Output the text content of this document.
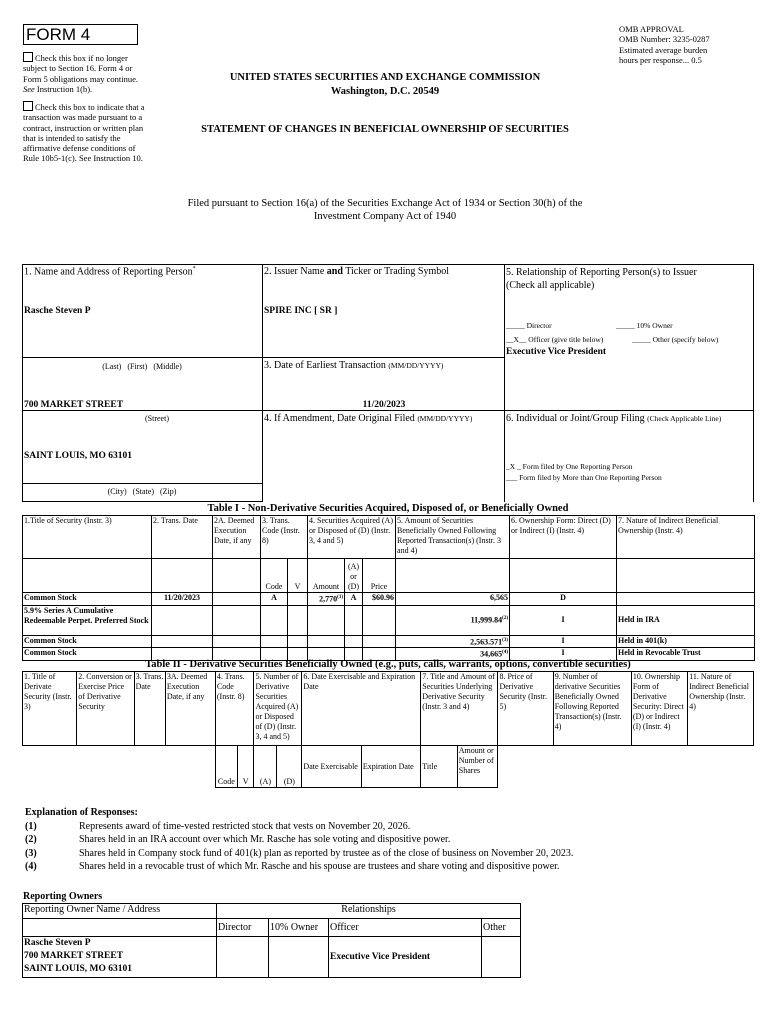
FORM 4
Check this box if no longer subject to Section 16. Form 4 or Form 5 obligations may continue. See Instruction 1(b).
Check this box to indicate that a transaction was made pursuant to a contract, instruction or written plan that is intended to satisfy the affirmative defense conditions of Rule 10b5-1(c). See Instruction 10.
UNITED STATES SECURITIES AND EXCHANGE COMMISSION
Washington, D.C. 20549
OMB APPROVAL
OMB Number: 3235-0287
Estimated average burden
hours per response... 0.5
STATEMENT OF CHANGES IN BENEFICIAL OWNERSHIP OF SECURITIES
Filed pursuant to Section 16(a) of the Securities Exchange Act of 1934 or Section 30(h) of the
Investment Company Act of 1940
1. Name and Address of Reporting Person*
Rasche Steven P
(Last)   (First)   (Middle)
700 MARKET STREET
(Street)
SAINT LOUIS, MO 63101
(City)   (State)   (Zip)
2. Issuer Name and Ticker or Trading Symbol
SPIRE INC [ SR ]
3. Date of Earliest Transaction (MM/DD/YYYY)
11/20/2023
4. If Amendment, Date Original Filed (MM/DD/YYYY)
5. Relationship of Reporting Person(s) to Issuer
(Check all applicable)
_____ Director	_____ 10% Owner
__X__ Officer (give title below)	_____ Other (specify below)
Executive Vice President
6. Individual or Joint/Group Filing (Check Applicable Line)
_X _ Form filed by One Reporting Person
___ Form filed by More than One Reporting Person
Table I - Non-Derivative Securities Acquired, Disposed of, or Beneficially Owned
1.Title of Security (Instr. 3)	2. Trans. Date	2A. Deemed Execution Date, if any	3. Trans. Code (Instr. 8)		4. Securities Acquired (A) or Disposed of (D) (Instr. 3, 4 and 5)			5. Amount of Securities Beneficially Owned Following Reported Transaction(s) (Instr. 3 and 4)	6. Ownership Form: Direct (D) or Indirect (I) (Instr. 4)	7. Nature of Indirect Beneficial Ownership (Instr. 4)
			Code	V	Amount	(A) or (D)	Price			
Common Stock	11/20/2023		A		2,770$^{(1)}$	A	$60.96	6,565	D	
5.9% Series A Cumulative Redeemable Perpet. Preferred Stock								11,999.84$^{(2)}$	I	Held in IRA
Common Stock								2,563.571$^{(3)}$	I	Held in 401(k)
Common Stock								34,665$^{(4)}$	I	Held in Revocable Trust
Table II - Derivative Securities Beneficially Owned (e.g., puts, calls, warrants, options, convertible securities)
1. Title of Derivate Security (Instr. 3)	2. Conversion or Exercise Price of Derivative Security	3. Trans. Date	3A. Deemed Execution Date, if any	4. Trans. Code (Instr. 8)		5. Number of Derivative Securities Acquired (A) or Disposed of (D) (Instr. 3, 4 and 5)		6. Date Exercisable and Expiration Date		7. Title and Amount of Securities Underlying Derivative Security (Instr. 3 and 4)		8. Price of Derivative Security (Instr. 5)	9. Number of derivative Securities Beneficially Owned Following Reported Transaction(s) (Instr. 4)	10. Ownership Form of Derivative Security: Direct (D) or Indirect (I) (Instr. 4)	11. Nature of Indirect Beneficial Ownership (Instr. 4)
				Code	V	(A)	(D)	Date Exercisable	Expiration Date	Title	Amount or Number of Shares				
Explanation of Responses:
(1)	Represents award of time-vested restricted stock that vests on November 20, 2026.
(2)	Shares held in an IRA account over which Mr. Rasche has sole voting and dispositive power.
(3)	Shares held in Company stock fund of 401(k) plan as reported by trustee as of the close of business on November 20, 2023.
(4)	Shares held in a revocable trust of which Mr. Rasche and his spouse are trustees and share voting and dispositive power.
Reporting Owners
Reporting Owner Name / Address	Relationships			
	Director	10% Owner	Officer	Other

Rasche Steven P
700 MARKET STREET
SAINT LOUIS, MO 63101			Executive Vice President	
